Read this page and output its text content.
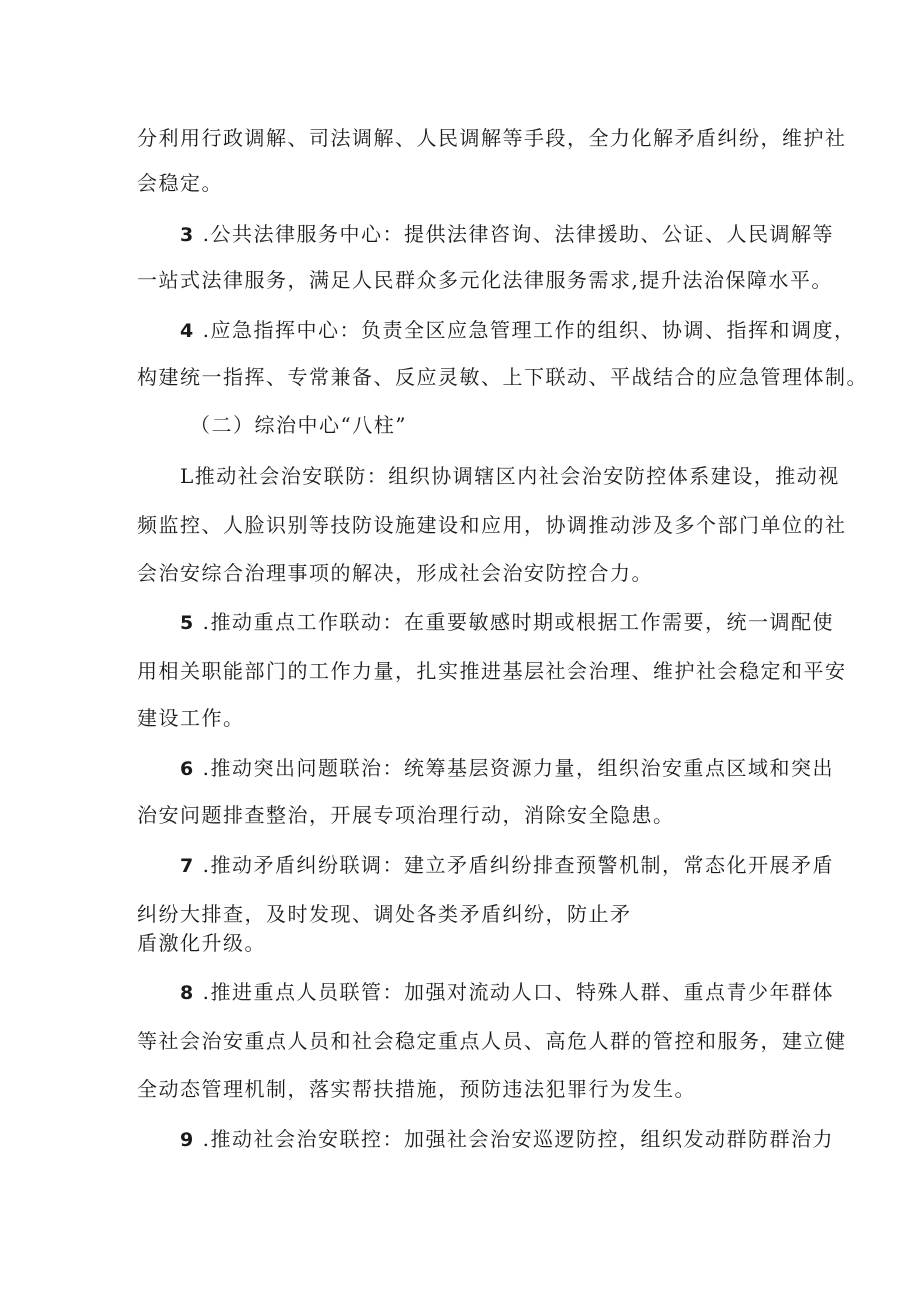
分利用行政调解、司法调解、人民调解等手段，全力化解矛盾纠纷，维护社
会稳定。
3 .公共法律服务中心：提供法律咨询、法律援助、公证、人民调解等
一站式法律服务，满足人民群众多元化法律服务需求,提升法治保障水平。
4 .应急指挥中心：负责全区应急管理工作的组织、协调、指挥和调度，
构建统一指挥、专常兼备、反应灵敏、上下联动、平战结合的应急管理体制。
（二）综治中心“八柱”
L推动社会治安联防：组织协调辖区内社会治安防控体系建设，推动视
频监控、人脸识别等技防设施建设和应用，协调推动涉及多个部门单位的社
会治安综合治理事项的解决，形成社会治安防控合力。
5 .推动重点工作联动：在重要敏感时期或根据工作需要，统一调配使
用相关职能部门的工作力量，扎实推进基层社会治理、维护社会稳定和平安
建设工作。
6 .推动突出问题联治：统筹基层资源力量，组织治安重点区域和突出
治安问题排查整治，开展专项治理行动，消除安全隐患。
7 .推动矛盾纠纷联调：建立矛盾纠纷排查预警机制，常态化开展矛盾
纠纷大排查，及时发现、调处各类矛盾纠纷，防止矛
盾激化升级。
8 .推进重点人员联管：加强对流动人口、特殊人群、重点青少年群体
等社会治安重点人员和社会稳定重点人员、高危人群的管控和服务，建立健
全动态管理机制，落实帮扶措施，预防违法犯罪行为发生。
9 .推动社会治安联控：加强社会治安巡逻防控，组织发动群防群治力
